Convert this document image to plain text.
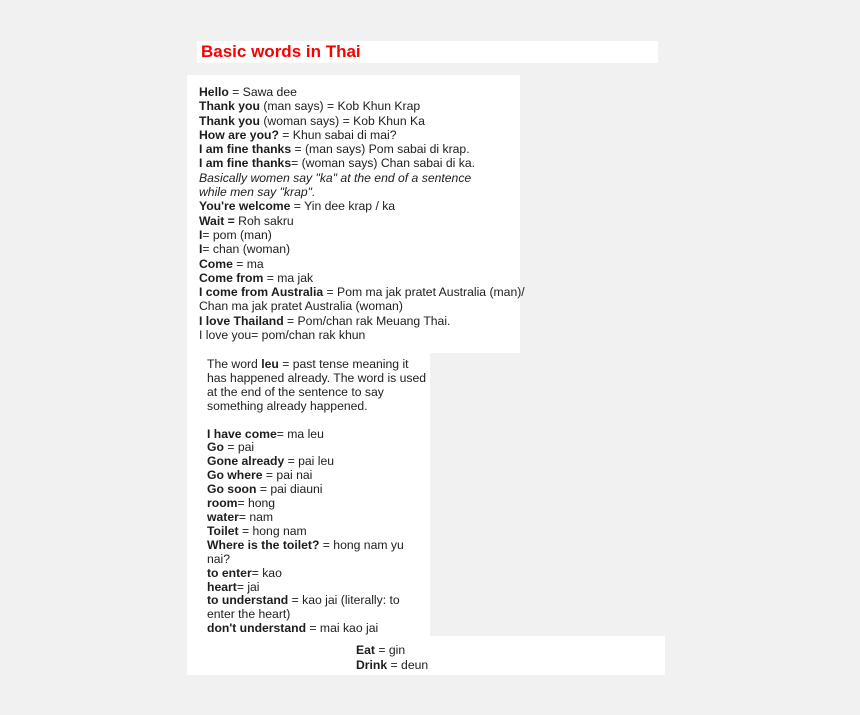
Basic words in Thai
Hello = Sawa dee
Thank you (man says) = Kob Khun Krap
Thank you (woman says) = Kob Khun Ka
How are you? = Khun sabai di mai?
I am fine thanks = (man says) Pom sabai di krap.
I am fine thanks= (woman says) Chan sabai di ka.
Basically women say "ka" at the end of a sentence
while men say "krap".
You're welcome = Yin dee krap / ka
Wait = Roh sakru
I= pom (man)
I= chan (woman)
Come = ma
Come from = ma jak
I come from Australia = Pom ma jak pratet Australia (man)/
Chan ma jak pratet Australia (woman)
I love Thailand = Pom/chan rak Meuang Thai.
I love you= pom/chan rak khun
The word leu = past tense meaning it
has happened already. The word is used
at the end of the sentence to say
something already happened.

I have come= ma leu
Go = pai
Gone already = pai leu
Go where = pai nai
Go soon = pai diauni
room= hong
water= nam
Toilet = hong nam
Where is the toilet? = hong nam yu
nai?
to enter= kao
heart= jai
to understand = kao jai (literally: to
enter the heart)
don't understand = mai kao jai
Eat = gin
Drink = deun
